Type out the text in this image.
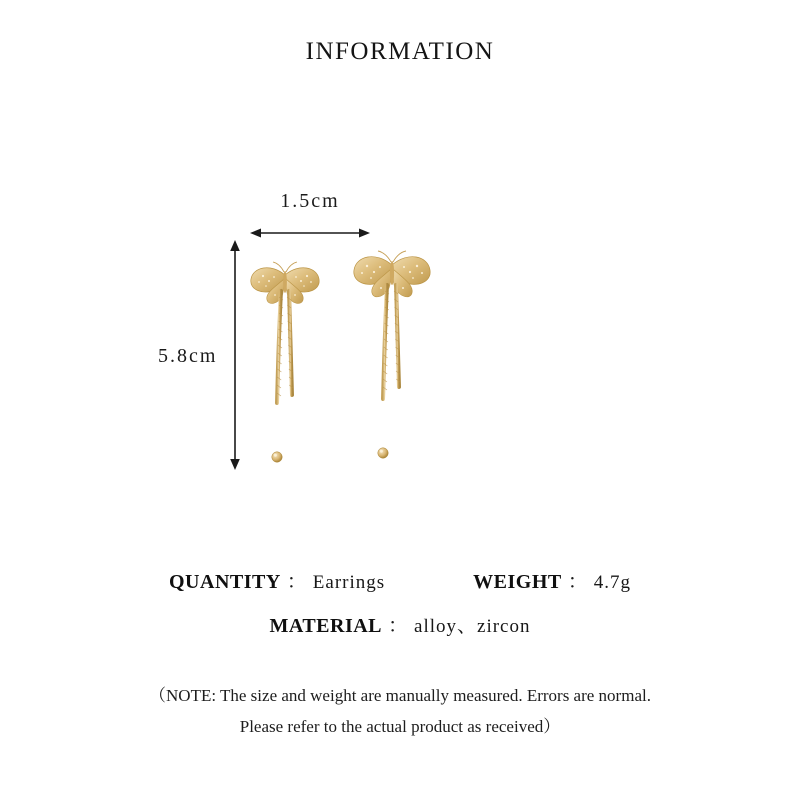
INFORMATION
1.5cm
5.8cm
QUANTITY ： Earrings	WEIGHT ： 4.7g
MATERIAL ： alloy、zircon
（NOTE: The size and weight are manually measured. Errors are normal.
Please refer to the actual product as received）
